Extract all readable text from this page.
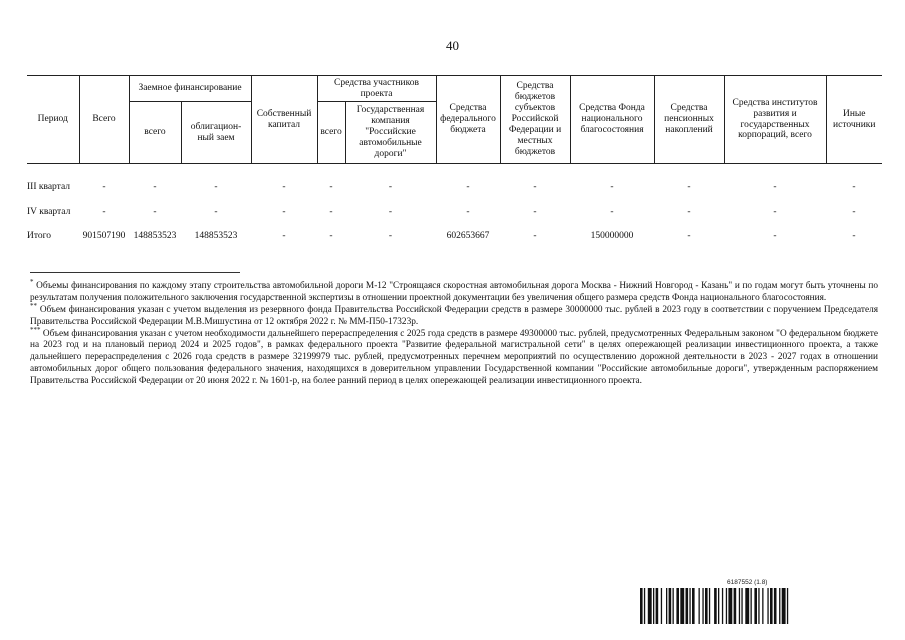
40
Период	Всего	Заемное финансирование		Собственный капитал	Средства участников проекта		Средства федерального бюджета	Средства бюджетов субъектов Российской Федерации и местных бюджетов	Средства Фонда национального благосостояния	Средства пенсионных накоплений	Средства институтов развития и государственных корпораций, всего	Иные источники
		всего	облигацион-ный заем		всего	Государственная компания "Российские автомобильные дороги"						
III квартал	-	-	-	-	-	-	-	-	-	-	-	-
IV квартал	-	-	-	-	-	-	-	-	-	-	-	-
Итого	901507190	148853523	148853523	-	-	-	602653667	-	150000000	-	-	-

* Объемы финансирования по каждому этапу строительства автомобильной дороги М-12 "Строящаяся скоростная автомобильная дорога Москва - Нижний Новгород - Казань" и по годам могут быть уточнены по результатам получения положительного заключения государственной экспертизы в отношении проектной документации без увеличения общего размера средств Фонда национального благосостояния.

** Объем финансирования указан с учетом выделения из резервного фонда Правительства Российской Федерации средств в размере 30000000 тыс. рублей в 2023 году в соответствии с поручением Председателя Правительства Российской Федерации М.В.Мишустина от 12 октября 2022 г. № ММ-П50-17323р.

*** Объем финансирования указан с учетом необходимости дальнейшего перераспределения с 2025 года средств в размере 49300000 тыс. рублей, предусмотренных Федеральным законом "О федеральном бюджете на 2023 год и на плановый период 2024 и 2025 годов", в рамках федерального проекта "Развитие федеральной магистральной сети" в целях опережающей реализации инвестиционного проекта, а также дальнейшего перераспределения с 2026 года средств в размере 32199979 тыс. рублей, предусмотренных перечнем мероприятий по осуществлению дорожной деятельности в 2023 - 2027 годах в отношении автомобильных дорог общего пользования федерального значения, находящихся в доверительном управлении Государственной компании "Российские автомобильные дороги", утвержденным распоряжением Правительства Российской Федерации от 20 июня 2022 г. № 1601-р, на более ранний период в целях опережающей реализации инвестиционного проекта.

6187552 (1.8)
